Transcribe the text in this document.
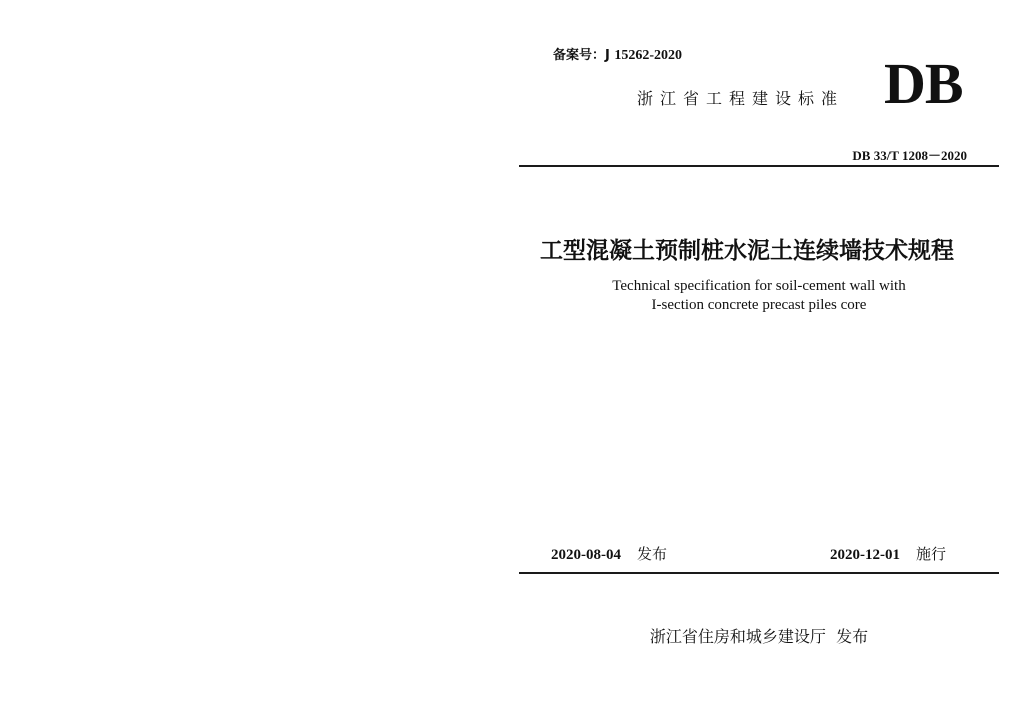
备案号：J 15262-2020
浙江省工程建设标准 DB
DB 33/T 1208－2020
工型混凝土预制桩水泥土连续墙技术规程
Technical specification for soil-cement wall with
I-section concrete precast piles core
2020-08-04 发布	2020-12-01 施行
浙江省住房和城乡建设厅  发布
